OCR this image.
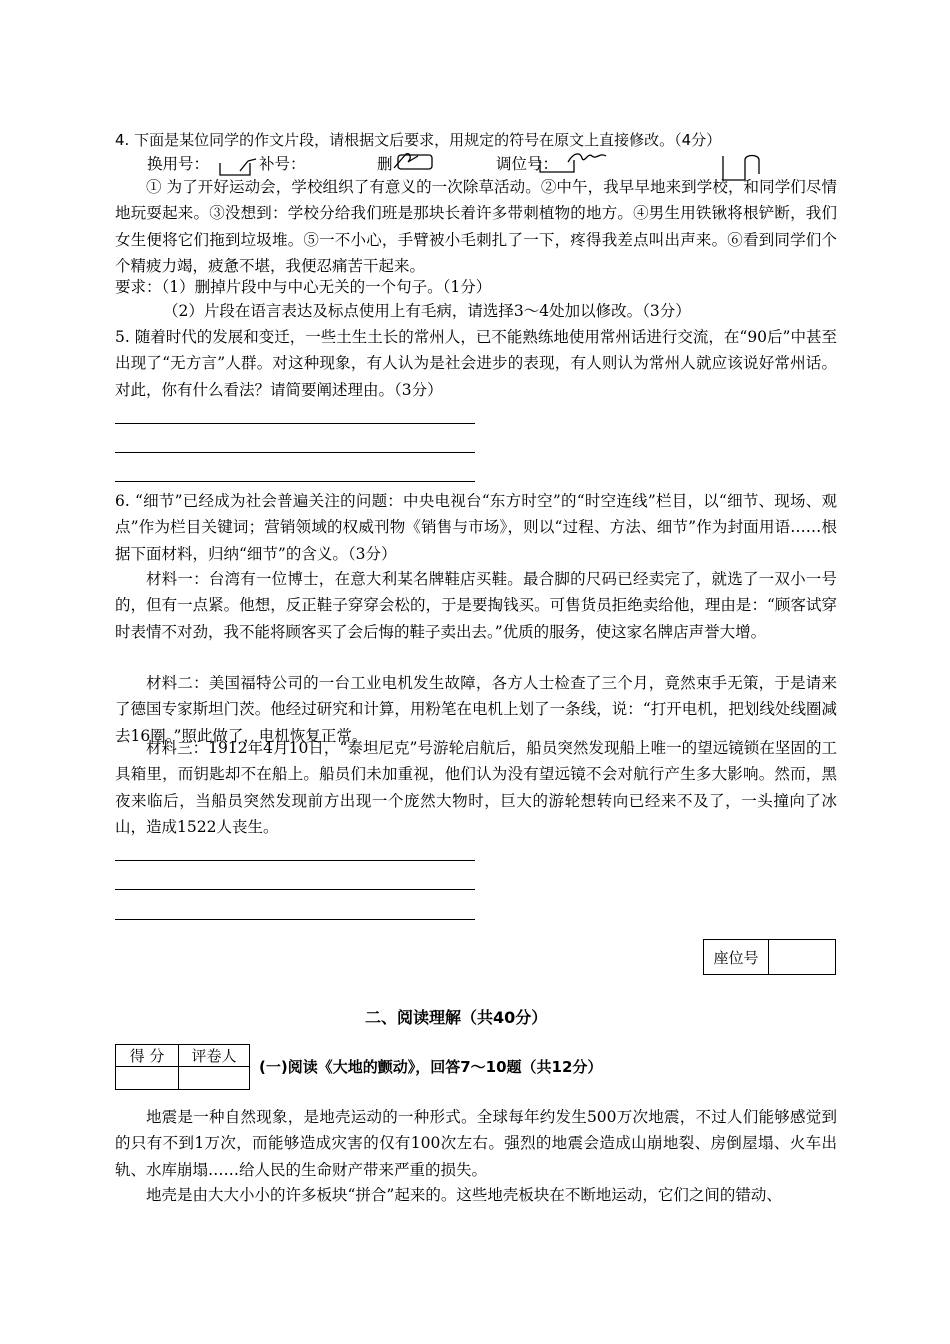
4. 下面是某位同学的作文片段，请根据文后要求，用规定的符号在原文上直接修改。（4分）
换用号：	补号：	删	调位号：
① 为了开好运动会，学校组织了有意义的一次除草活动。②中午，我早早地来到学校，和同学们尽情地玩耍起来。③没想到：学校分给我们班是那块长着许多带刺植物的地方。④男生用铁锹将根铲断，我们女生便将它们拖到垃圾堆。⑤一不小心，手臂被小毛刺扎了一下，疼得我差点叫出声来。⑥看到同学们个个精疲力竭，疲惫不堪，我便忍痛苦干起来。
要求：（1）删掉片段中与中心无关的一个句子。（1分）
（2）片段在语言表达及标点使用上有毛病，请选择3～4处加以修改。（3分）
5. 随着时代的发展和变迁，一些土生土长的常州人，已不能熟练地使用常州话进行交流，在“90后”中甚至出现了“无方言”人群。对这种现象，有人认为是社会进步的表现，有人则认为常州人就应该说好常州话。对此，你有什么看法？请简要阐述理由。（3分）
6. “细节”已经成为社会普遍关注的问题：中央电视台“东方时空”的“时空连线”栏目，以“细节、现场、观点”作为栏目关键词；营销领域的权威刊物《销售与市场》，则以“过程、方法、细节”作为封面用语……根据下面材料，归纳“细节”的含义。（3分）
材料一：台湾有一位博士，在意大利某名牌鞋店买鞋。最合脚的尺码已经卖完了，就选了一双小一号的，但有一点紧。他想，反正鞋子穿穿会松的，于是要掏钱买。可售货员拒绝卖给他，理由是：“顾客试穿时表情不对劲，我不能将顾客买了会后悔的鞋子卖出去。”优质的服务，使这家名牌店声誉大增。
材料二：美国福特公司的一台工业电机发生故障，各方人士检查了三个月，竟然束手无策，于是请来了德国专家斯坦门茨。他经过研究和计算，用粉笔在电机上划了一条线，说：“打开电机，把划线处线圈减去16圈。”照此做了，电机恢复正常。
材料三：1912年4月10日，“泰坦尼克”号游轮启航后，船员突然发现船上唯一的望远镜锁在坚固的工具箱里，而钥匙却不在船上。船员们未加重视，他们认为没有望远镜不会对航行产生多大影响。然而，黑夜来临后，当船员突然发现前方出现一个庞然大物时，巨大的游轮想转向已经来不及了，一头撞向了冰山，造成1522人丧生。
座位号	
二、阅读理解（共40分）
得 分	评卷人

(一)阅读《大地的颤动》，回答7～10题（共12分）
地震是一种自然现象，是地壳运动的一种形式。全球每年约发生500万次地震，不过人们能够感觉到的只有不到1万次，而能够造成灾害的仅有100次左右。强烈的地震会造成山崩地裂、房倒屋塌、火车出轨、水库崩塌……给人民的生命财产带来严重的损失。
地壳是由大大小小的许多板块“拼合”起来的。这些地壳板块在不断地运动，它们之间的错动、
